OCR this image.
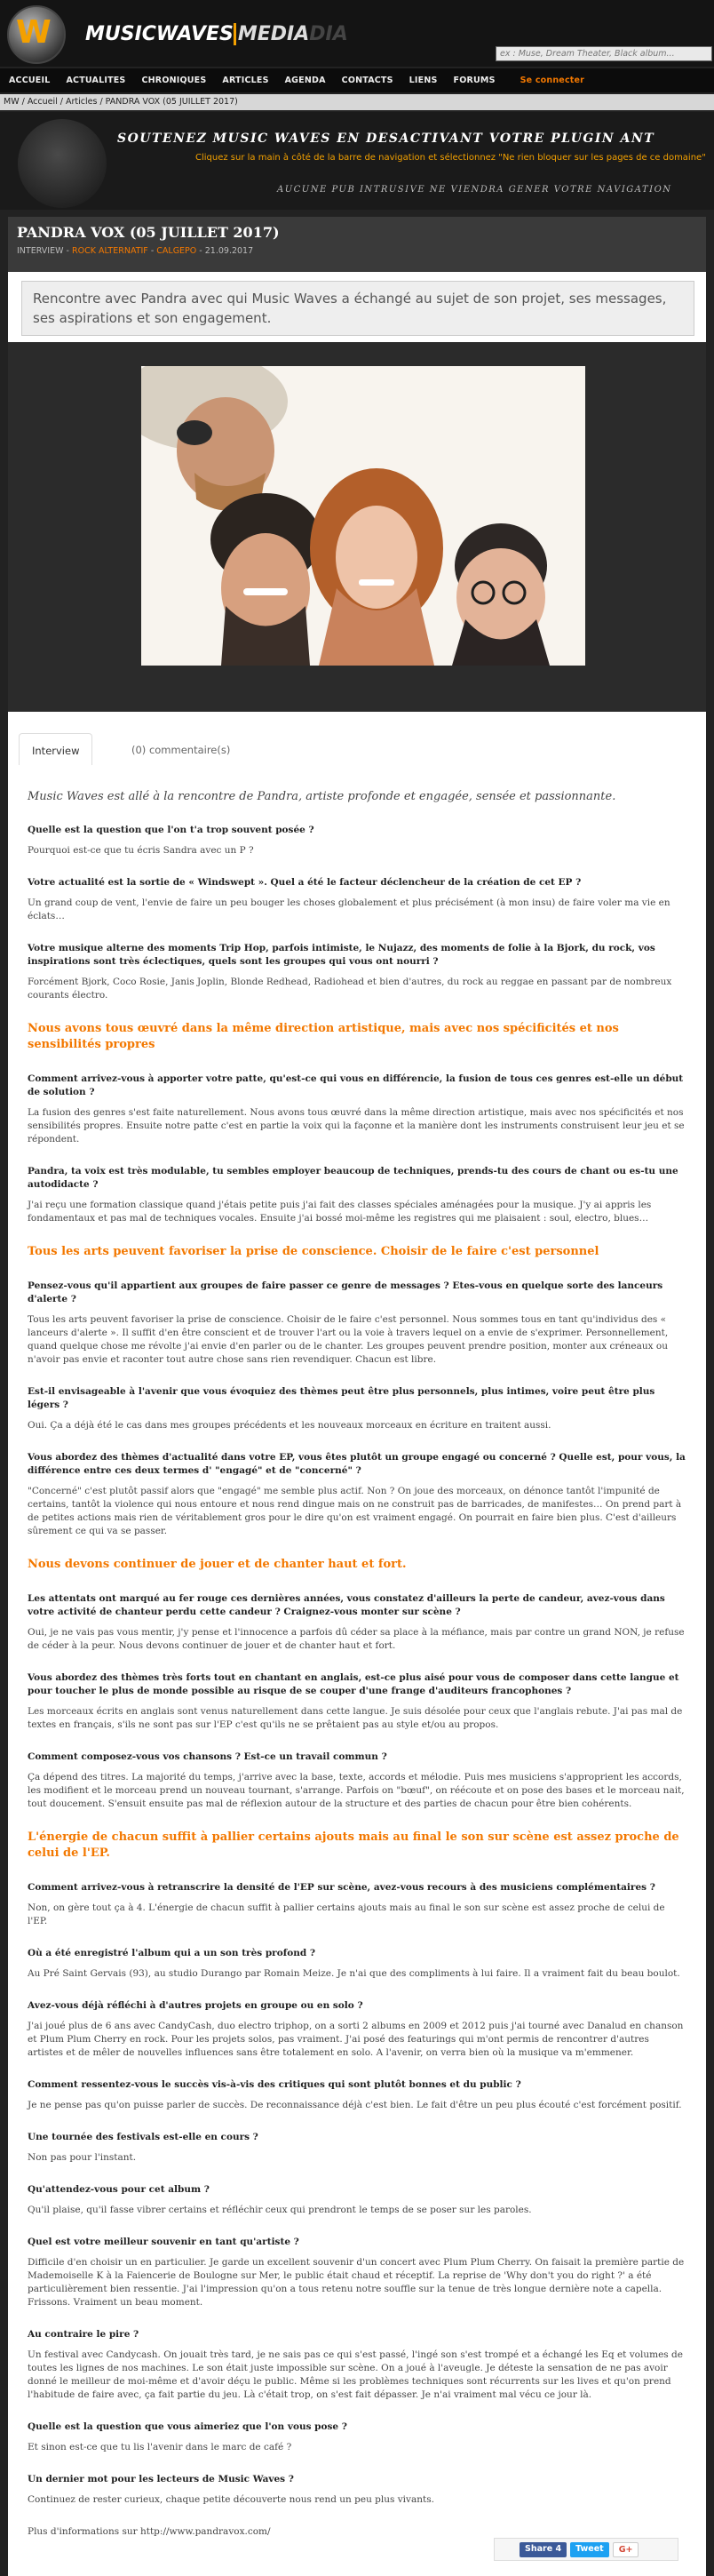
W MUSICWAVES MEDIADIA
ex : Muse, Dream Theater, Black album...
ACCUEIL	ACTUALITES	CHRONIQUES	ARTICLES	AGENDA	CONTACTS	LIENS	FORUMS	Se connecter
MW / Accueil / Articles / PANDRA VOX (05 JUILLET 2017)
SOUTENEZ MUSIC WAVES EN DESACTIVANT VOTRE PLUGIN ANT
Cliquez sur la main à côté de la barre de navigation et sélectionnez "Ne rien bloquer sur les pages de ce domaine"
AUCUNE PUB INTRUSIVE NE VIENDRA GENER VOTRE NAVIGATION
PANDRA VOX (05 JUILLET 2017)
INTERVIEW - ROCK ALTERNATIF - CALGEPO - 21.09.2017
Rencontre avec Pandra avec qui Music Waves a échangé au sujet de son projet, ses messages, ses aspirations et son engagement.
Interview	(0) commentaire(s)
Music Waves est allé à la rencontre de Pandra, artiste profonde et engagée, sensée et passionnante.
Quelle est la question que l'on t'a trop souvent posée ?
Pourquoi est-ce que tu écris Sandra avec un P ?
Votre actualité est la sortie de « Windswept ». Quel a été le facteur déclencheur de la création de cet EP ?
Un grand coup de vent, l'envie de faire un peu bouger les choses globalement et plus précisément (à mon insu) de faire voler ma vie en éclats…
Votre musique alterne des moments Trip Hop, parfois intimiste, le Nujazz, des moments de folie à la Bjork, du rock, vos inspirations sont très éclectiques, quels sont les groupes qui vous ont nourri ?
Forcément Bjork, Coco Rosie, Janis Joplin, Blonde Redhead, Radiohead et bien d'autres, du rock au reggae en passant par de nombreux courants électro.
Nous avons tous œuvré dans la même direction artistique, mais avec nos spécificités et nos sensibilités propres
Comment arrivez-vous à apporter votre patte, qu'est-ce qui vous en différencie, la fusion de tous ces genres est-elle un début de solution ?
La fusion des genres s'est faite naturellement. Nous avons tous œuvré dans la même direction artistique, mais avec nos spécificités et nos sensibilités propres. Ensuite notre patte c'est en partie la voix qui la façonne et la manière dont les instruments construisent leur jeu et se répondent.
Pandra, ta voix est très modulable, tu sembles employer beaucoup de techniques, prends-tu des cours de chant ou es-tu une autodidacte ?
J'ai reçu une formation classique quand j'étais petite puis j'ai fait des classes spéciales aménagées pour la musique. J'y ai appris les fondamentaux et pas mal de techniques vocales. Ensuite j'ai bossé moi-même les registres qui me plaisaient : soul, electro, blues…
Tous les arts peuvent favoriser la prise de conscience. Choisir de le faire c'est personnel
Pensez-vous qu'il appartient aux groupes de faire passer ce genre de messages ? Etes-vous en quelque sorte des lanceurs d'alerte ?
Tous les arts peuvent favoriser la prise de conscience. Choisir de le faire c'est personnel. Nous sommes tous en tant qu'individus des « lanceurs d'alerte ». Il suffit d'en être conscient et de trouver l'art ou la voie à travers lequel on a envie de s'exprimer. Personnellement, quand quelque chose me révolte j'ai envie d'en parler ou de le chanter. Les groupes peuvent prendre position, monter aux créneaux ou n'avoir pas envie et raconter tout autre chose sans rien revendiquer. Chacun est libre.
Est-il envisageable à l'avenir que vous évoquiez des thèmes peut être plus personnels, plus intimes, voire peut être plus légers ?
Oui. Ça a déjà été le cas dans mes groupes précédents et les nouveaux morceaux en écriture en traitent aussi.
Vous abordez des thèmes d'actualité dans votre EP, vous êtes plutôt un groupe engagé ou concerné ? Quelle est, pour vous, la différence entre ces deux termes d' "engagé" et de "concerné" ?
"Concerné" c'est plutôt passif alors que "engagé" me semble plus actif. Non ? On joue des morceaux, on dénonce tantôt l'impunité de certains, tantôt la violence qui nous entoure et nous rend dingue mais on ne construit pas de barricades, de manifestes… On prend part à de petites actions mais rien de véritablement gros pour le dire qu'on est vraiment engagé. On pourrait en faire bien plus. C'est d'ailleurs sûrement ce qui va se passer.
Nous devons continuer de jouer et de chanter haut et fort.
Les attentats ont marqué au fer rouge ces dernières années, vous constatez d'ailleurs la perte de candeur, avez-vous dans votre activité de chanteur perdu cette candeur ? Craignez-vous monter sur scène ?
Oui, je ne vais pas vous mentir, j'y pense et l'innocence a parfois dû céder sa place à la méfiance, mais par contre un grand NON, je refuse de céder à la peur. Nous devons continuer de jouer et de chanter haut et fort.
Vous abordez des thèmes très forts tout en chantant en anglais, est-ce plus aisé pour vous de composer dans cette langue et pour toucher le plus de monde possible au risque de se couper d'une frange d'auditeurs francophones ?
Les morceaux écrits en anglais sont venus naturellement dans cette langue. Je suis désolée pour ceux que l'anglais rebute. J'ai pas mal de textes en français, s'ils ne sont pas sur l'EP c'est qu'ils ne se prêtaient pas au style et/ou au propos.
Comment composez-vous vos chansons ? Est-ce un travail commun ?
Ça dépend des titres. La majorité du temps, j'arrive avec la base, texte, accords et mélodie. Puis mes musiciens s'approprient les accords, les modifient et le morceau prend un nouveau tournant, s'arrange. Parfois on "bœuf", on réécoute et on pose des bases et le morceau nait, tout doucement. S'ensuit ensuite pas mal de réflexion autour de la structure et des parties de chacun pour être bien cohérents.
L'énergie de chacun suffit à pallier certains ajouts mais au final le son sur scène est assez proche de celui de l'EP.
Comment arrivez-vous à retranscrire la densité de l'EP sur scène, avez-vous recours à des musiciens complémentaires ?
Non, on gère tout ça à 4. L'énergie de chacun suffit à pallier certains ajouts mais au final le son sur scène est assez proche de celui de l'EP.
Où a été enregistré l'album qui a un son très profond ?
Au Pré Saint Gervais (93), au studio Durango par Romain Meize. Je n'ai que des compliments à lui faire. Il a vraiment fait du beau boulot.
Avez-vous déjà réfléchi à d'autres projets en groupe ou en solo ?
J'ai joué plus de 6 ans avec CandyCash, duo electro triphop, on a sorti 2 albums en 2009 et 2012 puis j'ai tourné avec Danalud en chanson et Plum Plum Cherry en rock. Pour les projets solos, pas vraiment. J'ai posé des featurings qui m'ont permis de rencontrer d'autres artistes et de mêler de nouvelles influences sans être totalement en solo. A l'avenir, on verra bien où la musique va m'emmener.
Comment ressentez-vous le succès vis-à-vis des critiques qui sont plutôt bonnes et du public ?
Je ne pense pas qu'on puisse parler de succès. De reconnaissance déjà c'est bien. Le fait d'être un peu plus écouté c'est forcément positif.
Une tournée des festivals est-elle en cours ?
Non pas pour l'instant.
Qu'attendez-vous pour cet album ?
Qu'il plaise, qu'il fasse vibrer certains et réfléchir ceux qui prendront le temps de se poser sur les paroles.
Quel est votre meilleur souvenir en tant qu'artiste ?
Difficile d'en choisir un en particulier. Je garde un excellent souvenir d'un concert avec Plum Plum Cherry. On faisait la première partie de Mademoiselle K à la Faiencerie de Boulogne sur Mer, le public était chaud et réceptif. La reprise de 'Why don't you do right ?' a été particulièrement bien ressentie. J'ai l'impression qu'on a tous retenu notre souffle sur la tenue de très longue dernière note a capella. Frissons. Vraiment un beau moment.
Au contraire le pire ?
Un festival avec Candycash. On jouait très tard, je ne sais pas ce qui s'est passé, l'ingé son s'est trompé et a échangé les Eq et volumes de toutes les lignes de nos machines. Le son était juste impossible sur scène. On a joué à l'aveugle. Je déteste la sensation de ne pas avoir donné le meilleur de moi-même et d'avoir déçu le public. Même si les problèmes techniques sont récurrents sur les lives et qu'on prend l'habitude de faire avec, ça fait partie du jeu. Là c'était trop, on s'est fait dépasser. Je n'ai vraiment mal vécu ce jour là.
Quelle est la question que vous aimeriez que l'on vous pose ?
Et sinon est-ce que tu lis l'avenir dans le marc de café ?
Un dernier mot pour les lecteurs de Music Waves ?
Continuez de rester curieux, chaque petite découverte nous rend un peu plus vivants.
Plus d'informations sur http://www.pandravox.com/
Share 4	Tweet	G+
